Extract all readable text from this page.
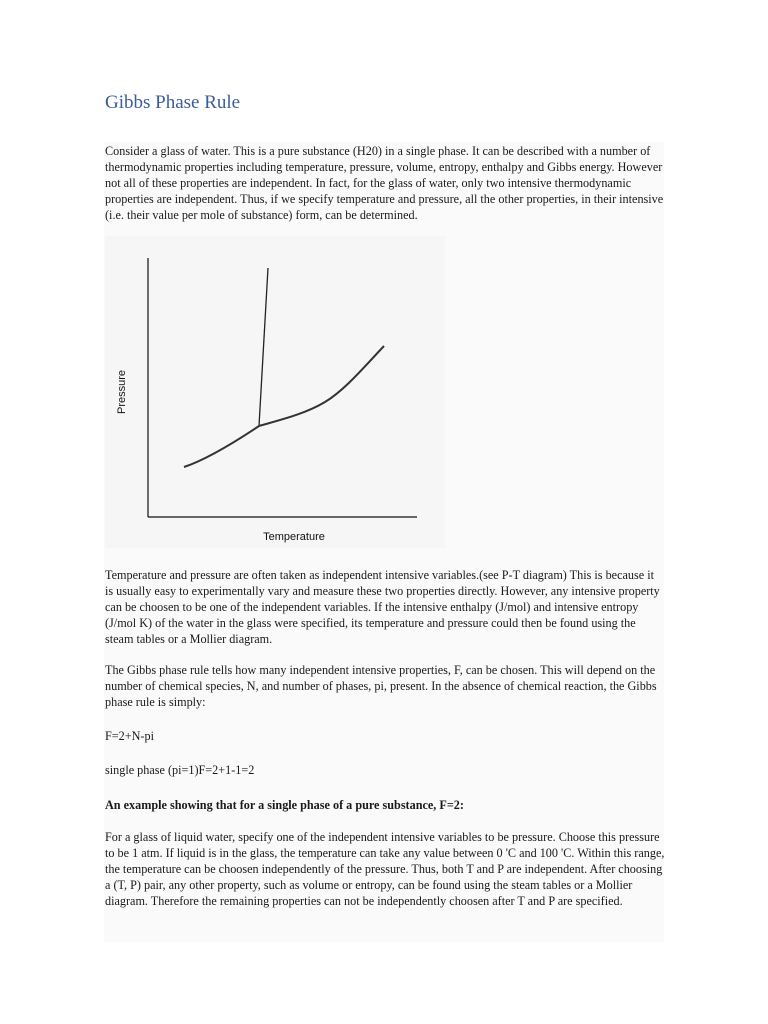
Gibbs Phase Rule

Consider a glass of water. This is a pure substance (H20) in a single phase. It can be described with a number of thermodynamic properties including temperature, pressure, volume, entropy, enthalpy and Gibbs energy. However not all of these properties are independent. In fact, for the glass of water, only two intensive thermodynamic properties are independent. Thus, if we specify temperature and pressure, all the other properties, in their intensive (i.e. their value per mole of substance) form, can be determined.

Temperature
Pressure

Temperature and pressure are often taken as independent intensive variables.(see P-T diagram) This is because it is usually easy to experimentally vary and measure these two properties directly. However, any intensive property can be choosen to be one of the independent variables. If the intensive enthalpy (J/mol) and intensive entropy (J/mol K) of the water in the glass were specified, its temperature and pressure could then be found using the steam tables or a Mollier diagram.

The Gibbs phase rule tells how many independent intensive properties, F, can be chosen. This will depend on the number of chemical species, N, and number of phases, pi, present. In the absence of chemical reaction, the Gibbs phase rule is simply:

F=2+N-pi

single phase (pi=1)F=2+1-1=2

An example showing that for a single phase of a pure substance, F=2:

For a glass of liquid water, specify one of the independent intensive variables to be pressure. Choose this pressure to be 1 atm. If liquid is in the glass, the temperature can take any value between 0 'C and 100 'C. Within this range, the temperature can be choosen independently of the pressure. Thus, both T and P are independent. After choosing a (T, P) pair, any other property, such as volume or entropy, can be found using the steam tables or a Mollier diagram. Therefore the remaining properties can not be independently choosen after T and P are specified.
